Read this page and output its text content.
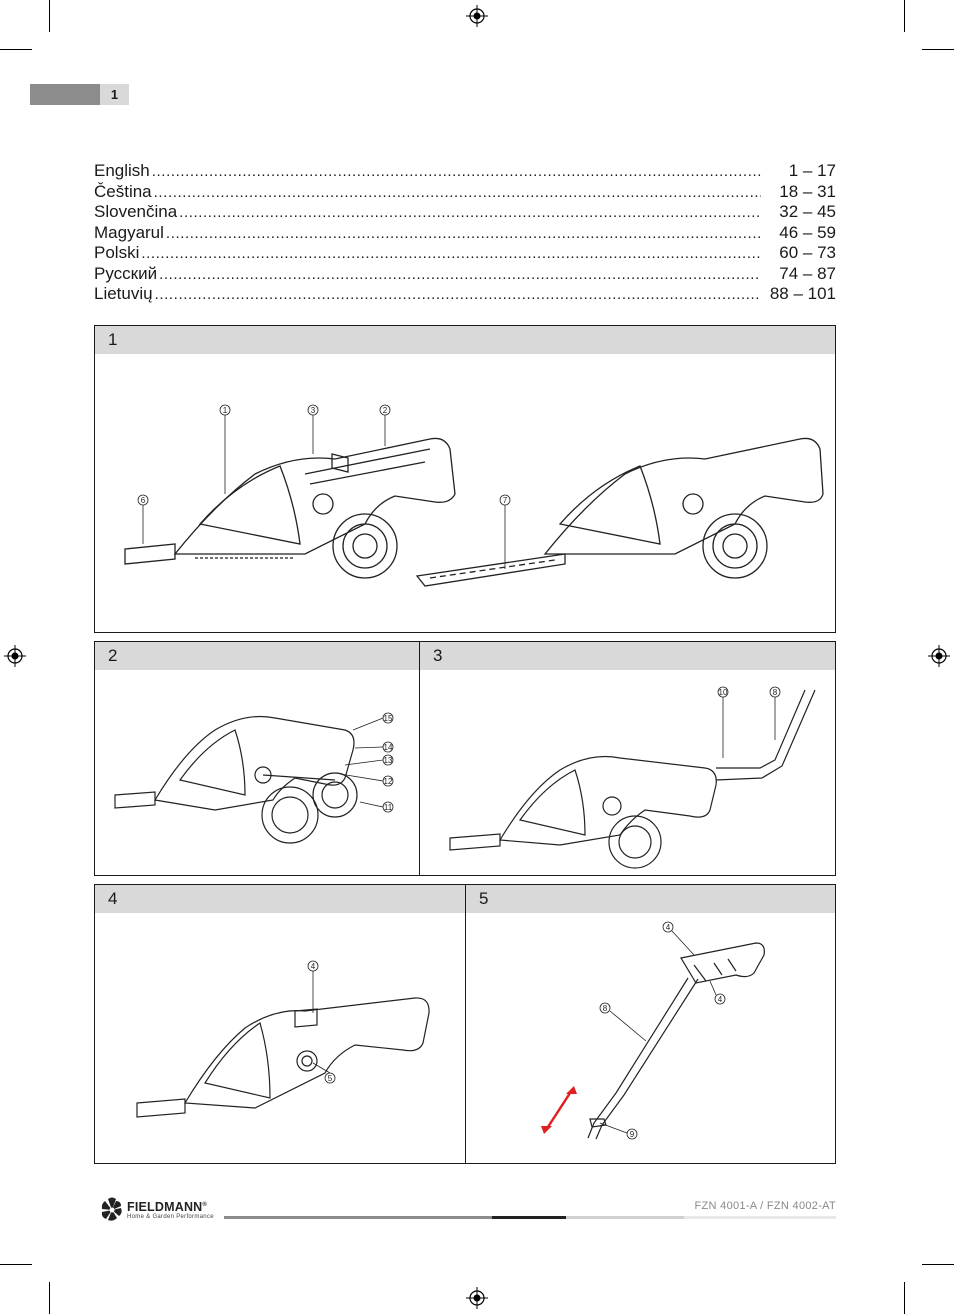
1
English .....	1 – 17
Čeština .....	18 – 31
Slovenčina .....	32 – 45
Magyarul .....	46 – 59
Polski .....	60 – 73
Русский .....	74 – 87
Lietuvių .....	88 – 101
1
1	3	2
6	7
2
15
14
13
12
11
3
10	8
4
4
5
5
4
4
8
9
FIELDMANN®
Home & Garden Performance
FZN 4001-A / FZN 4002-AT
